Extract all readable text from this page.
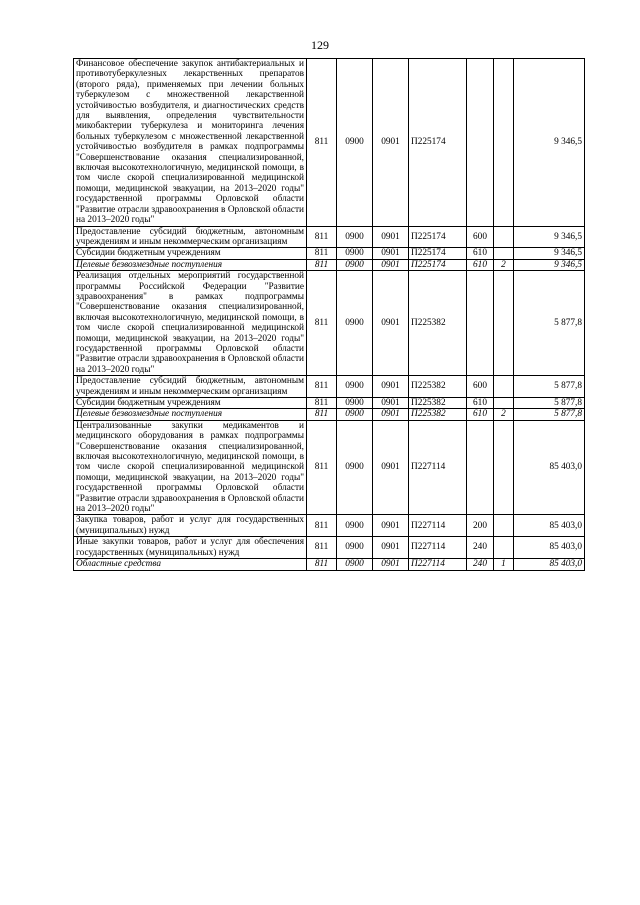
129
Финансовое обеспечение закупок антибактериальных и противотуберкулезных лекарственных препаратов (второго ряда), применяемых при лечении больных туберкулезом с множественной лекарственной устойчивостью возбудителя, и диагностических средств для выявления, определения чувствительности микобактерии туберкулеза и мониторинга лечения больных туберкулезом с множественной лекарственной устойчивостью возбудителя в рамках подпрограммы "Совершенствование оказания специализированной, включая высокотехнологичную, медицинской помощи, в том числе скорой специализированной медицинской помощи, медицинской эвакуации, на 2013–2020 годы" государственной программы Орловской области "Развитие отрасли здравоохранения в Орловской области на 2013–2020 годы"	811	0900	0901	П225174			9 346,5
Предоставление субсидий бюджетным, автономным учреждениям и иным некоммерческим организациям	811	0900	0901	П225174	600		9 346,5
Субсидии бюджетным учреждениям	811	0900	0901	П225174	610		9 346,5
Целевые безвозмездные поступления	811	0900	0901	П225174	610	2	9 346,5
Реализация отдельных мероприятий государственной программы Российской Федерации "Развитие здравоохранения" в рамках подпрограммы "Совершенствование оказания специализированной, включая высокотехнологичную, медицинской помощи, в том числе скорой специализированной медицинской помощи, медицинской эвакуации, на 2013–2020 годы" государственной программы Орловской области "Развитие отрасли здравоохранения в Орловской области на 2013–2020 годы"	811	0900	0901	П225382			5 877,8
Предоставление субсидий бюджетным, автономным учреждениям и иным некоммерческим организациям	811	0900	0901	П225382	600		5 877,8
Субсидии бюджетным учреждениям	811	0900	0901	П225382	610		5 877,8
Целевые безвозмездные поступления	811	0900	0901	П225382	610	2	5 877,8
Централизованные закупки медикаментов и медицинского оборудования в рамках подпрограммы "Совершенствование оказания специализированной, включая высокотехнологичную, медицинской помощи, в том числе скорой специализированной медицинской помощи, медицинской эвакуации, на 2013–2020 годы" государственной программы Орловской области "Развитие отрасли здравоохранения в Орловской области на 2013–2020 годы"	811	0900	0901	П227114			85 403,0
Закупка товаров, работ и услуг для государственных (муниципальных) нужд	811	0900	0901	П227114	200		85 403,0
Иные закупки товаров, работ и услуг для обеспечения государственных (муниципальных) нужд	811	0900	0901	П227114	240		85 403,0
Областные средства	811	0900	0901	П227114	240	1	85 403,0
